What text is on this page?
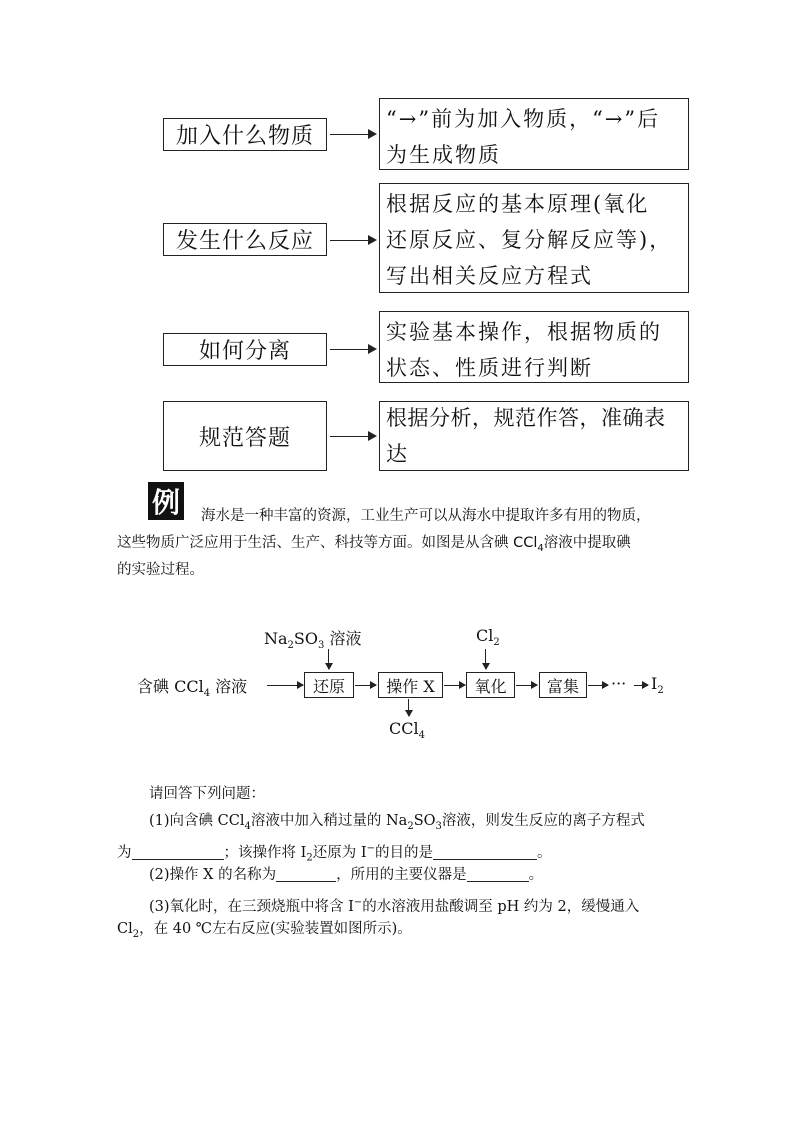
加入什么物质
“→”前为加入物质，“→”后
为生成物质
发生什么反应
根据反应的基本原理(氧化
还原反应、复分解反应等)，
写出相关反应方程式
如何分离
实验基本操作，根据物质的
状态、性质进行判断
规范答题
根据分析，规范作答，准确表达
例 海水是一种丰富的资源，工业生产可以从海水中提取许多有用的物质，
这些物质广泛应用于生活、生产、科技等方面。如图是从含碘 CCl$_4$溶液中提取碘
的实验过程。
含碘 CCl$_4$ 溶液
$Na_2SO_3$ 溶液
还原	操作 X
CCl$_4$
$Cl_2$
氧化	富集 ··· $I_2$
请回答下列问题：
(1)向含碘 CCl$_4$溶液中加入稍过量的 $Na_2SO_3$溶液，则发生反应的离子方程式
为	；该操作将 $I_2$还原为 I−的目的是	。
(2)操作 X 的名称为	，所用的主要仪器是	。
(3)氧化时，在三颈烧瓶中将含 I−的水溶液用盐酸调至 pH 约为 2，缓慢通入
$Cl_2$，在 40 ℃左右反应(实验装置如图所示)。
